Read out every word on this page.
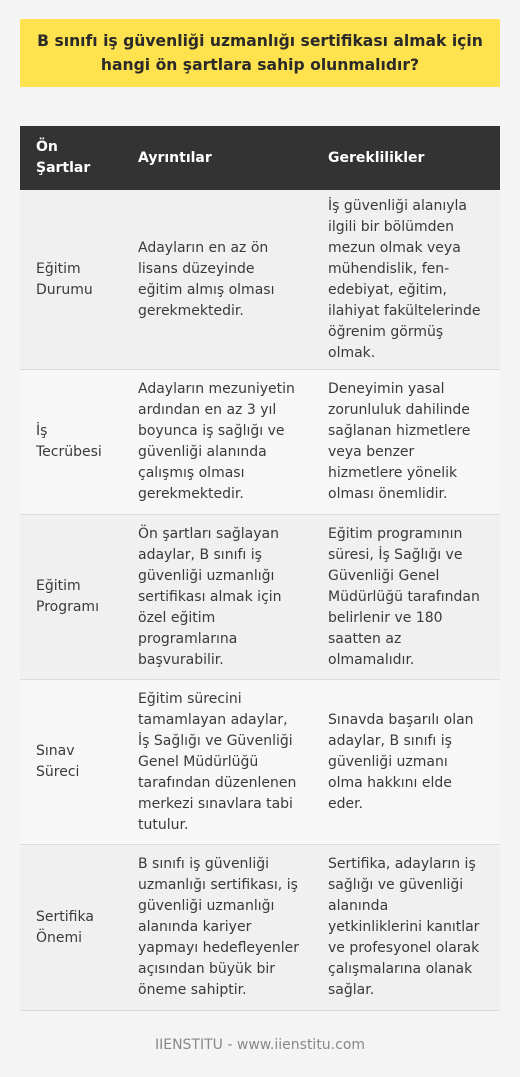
B sınıfı iş güvenliği uzmanlığı sertifikası almak için hangi ön şartlara sahip olunmalıdır?
Ön Şartlar
Ayrıntılar	Gereklilikler
Eğitim Durumu
Adayların en az ön lisans düzeyinde eğitim almış olması gerekmektedir.
İş güvenliği alanıyla ilgili bir bölümden mezun olmak veya mühendislik, fen-edebiyat, eğitim, ilahiyat fakültelerinde öğrenim görmüş olmak.
İş Tecrübesi
Adayların mezuniyetin ardından en az 3 yıl boyunca iş sağlığı ve güvenliği alanında çalışmış olması gerekmektedir.
Deneyimin yasal zorunluluk dahilinde sağlanan hizmetlere veya benzer hizmetlere yönelik olması önemlidir.
Eğitim Programı
Ön şartları sağlayan adaylar, B sınıfı iş güvenliği uzmanlığı sertifikası almak için özel eğitim programlarına başvurabilir.
Eğitim programının süresi, İş Sağlığı ve Güvenliği Genel Müdürlüğü tarafından belirlenir ve 180 saatten az olmamalıdır.
Sınav Süreci
Eğitim sürecini tamamlayan adaylar, İş Sağlığı ve Güvenliği Genel Müdürlüğü tarafından düzenlenen merkezi sınavlara tabi tutulur.
Sınavda başarılı olan adaylar, B sınıfı iş güvenliği uzmanı olma hakkını elde eder.
Sertifika Önemi
B sınıfı iş güvenliği uzmanlığı sertifikası, iş güvenliği uzmanlığı alanında kariyer yapmayı hedefleyenler açısından büyük bir öneme sahiptir.
Sertifika, adayların iş sağlığı ve güvenliği alanında yetkinliklerini kanıtlar ve profesyonel olarak çalışmalarına olanak sağlar.
IIENSTITU - www.iienstitu.com
